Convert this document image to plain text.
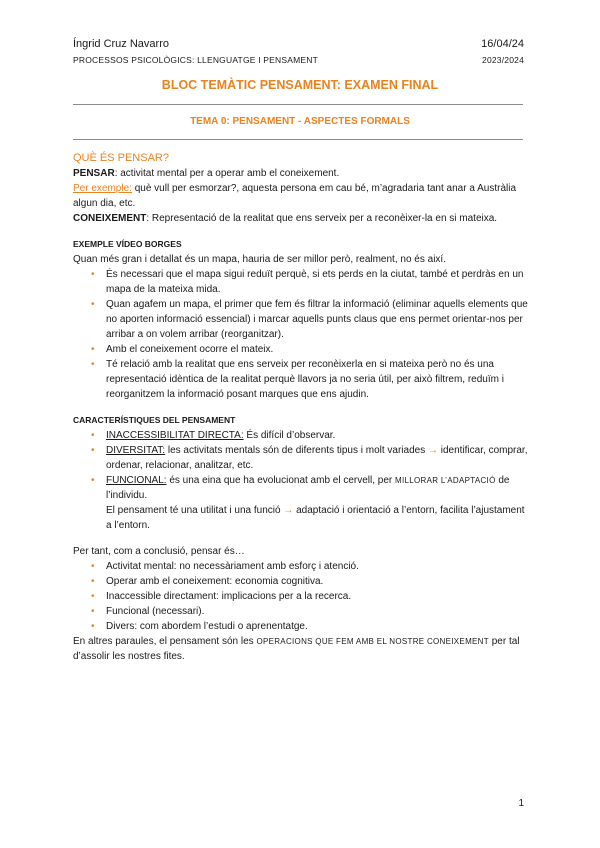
Íngrid Cruz Navarro	16/04/24
PROCESSOS PSICOLÒGICS: LLENGUATGE I PENSAMENT	2023/2024
BLOC TEMÀTIC PENSAMENT: EXAMEN FINAL
TEMA 0: PENSAMENT - ASPECTES FORMALS

QUÈ ÉS PENSAR?

PENSAR: activitat mental per a operar amb el coneixement.

Per exemple: què vull per esmorzar?, aquesta persona em cau bé, m’agradaria tant anar a Austràlia algun dia, etc.

CONEIXEMENT: Representació de la realitat que ens serveix per a reconèixer-la en si mateixa.

EXEMPLE VÍDEO BORGES

Quan més gran i detallat és un mapa, hauria de ser millor però, realment, no és així.

• És necessari que el mapa sigui reduït perquè, si ets perds en la ciutat, també et perdràs en un mapa de la mateixa mida.
• Quan agafem un mapa, el primer que fem és filtrar la informació (eliminar aquells elements que no aporten informació essencial) i marcar aquells punts claus que ens permet orientar-nos per arribar a on volem arribar (reorganitzar).
• Amb el coneixement ocorre el mateix.
• Té relació amb la realitat que ens serveix per reconèixerla en si mateixa però no és una representació idèntica de la realitat perquè llavors ja no seria útil, per això filtrem, reduïm i reorganitzem la informació posant marques que ens ajudin.

CARACTERÍSTIQUES DEL PENSAMENT

• INACCESSIBILITAT DIRECTA: És difícil d’observar.
• DIVERSITAT: les activitats mentals són de diferents tipus i molt variades → identificar, comprar, ordenar, relacionar, analitzar, etc.
• FUNCIONAL: és una eina que ha evolucionat amb el cervell, per MILLORAR L’ADAPTACIÓ de l’individu.

El pensament té una utilitat i una funció → adaptació i orientació a l’entorn, facilita l’ajustament a l’entorn.

Per tant, com a conclusió, pensar és…

• Activitat mental: no necessàriament amb esforç i atenció.
• Operar amb el coneixement: economia cognitiva.
• Inaccessible directament: implicacions per a la recerca.
• Funcional (necessari).
• Divers: com abordem l’estudi o aprenentatge.

En altres paraules, el pensament són les OPERACIONS QUE FEM AMB EL NOSTRE CONEIXEMENT per tal d’assolir les nostres fites.

1
